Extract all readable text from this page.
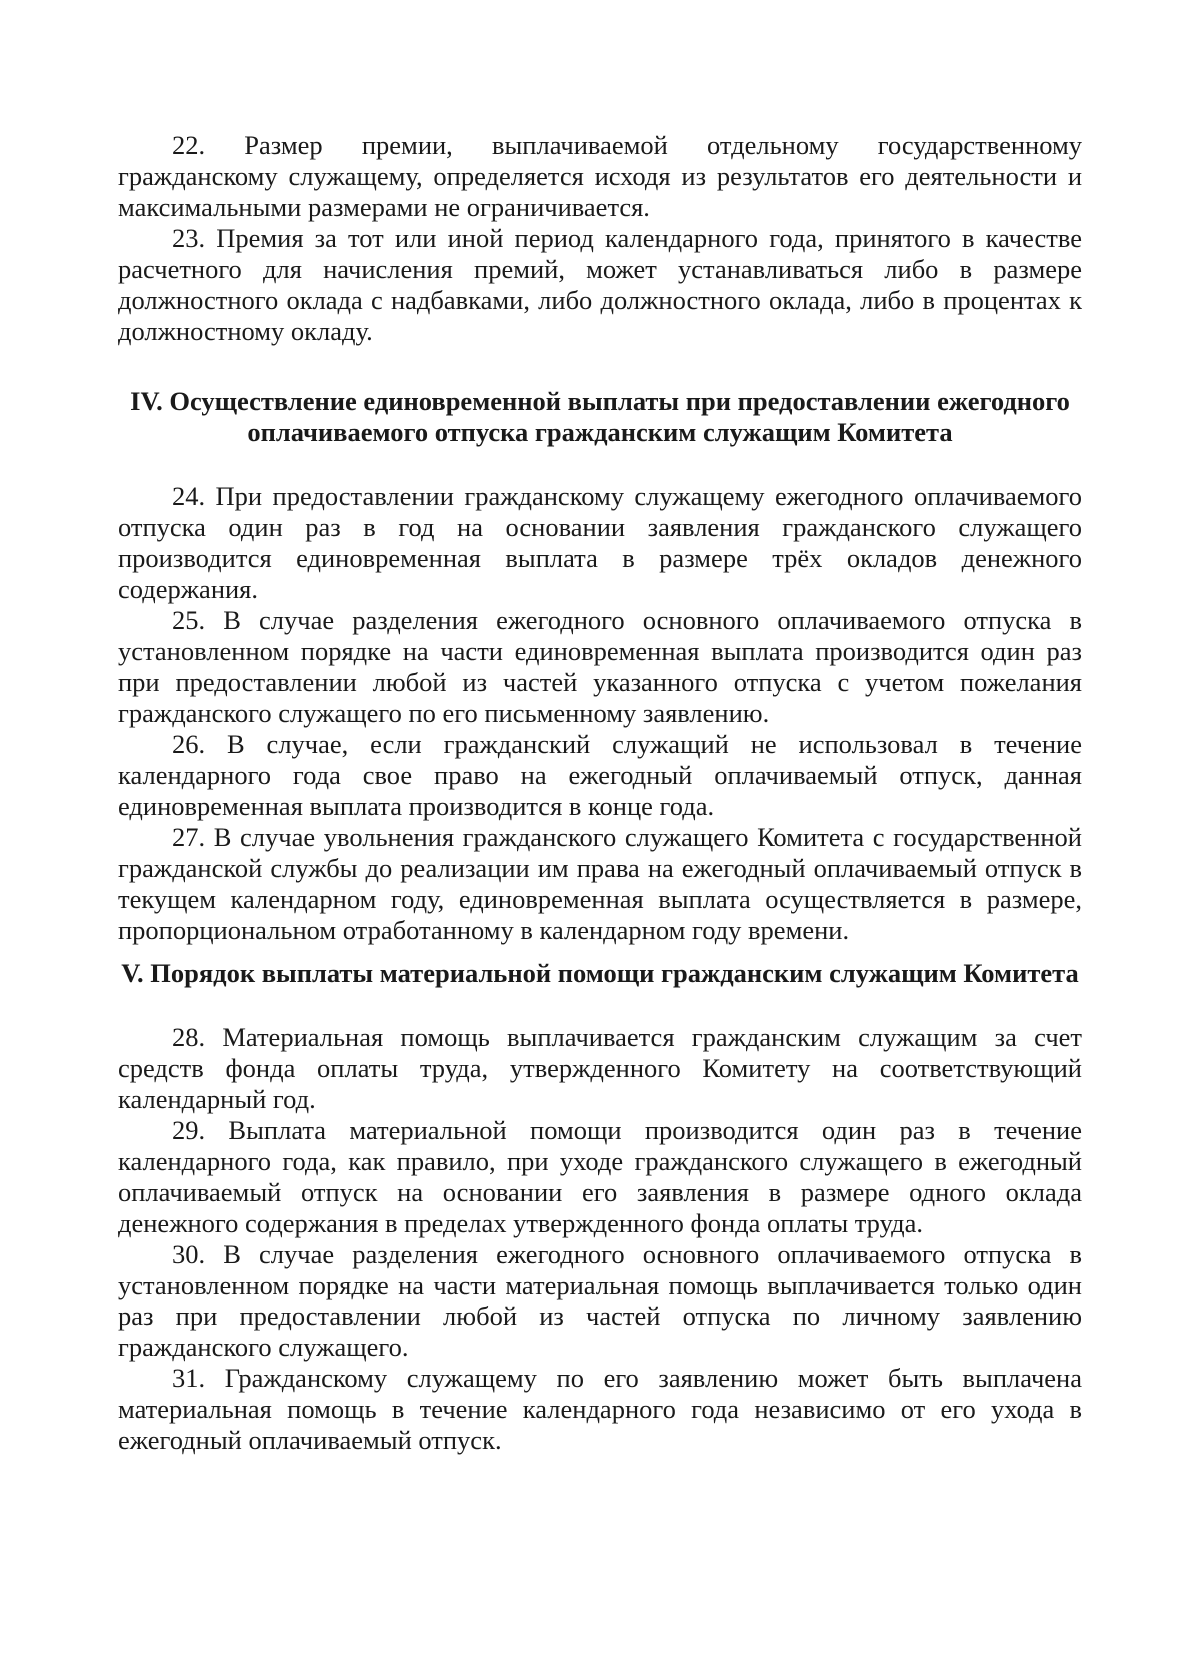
22. Размер премии, выплачиваемой отдельному государственному гражданскому служащему, определяется исходя из результатов его деятельности и максимальными размерами не ограничивается.

23. Премия за тот или иной период календарного года, принятого в качестве расчетного для начисления премий, может устанавливаться либо в размере должностного оклада с надбавками, либо должностного оклада, либо в процентах к должностному окладу.

IV. Осуществление единовременной выплаты при предоставлении ежегодного оплачиваемого отпуска гражданским служащим Комитета

24. При предоставлении гражданскому служащему ежегодного оплачиваемого отпуска один раз в год на основании заявления гражданского служащего производится единовременная выплата в размере трёх окладов денежного содержания.

25. В случае разделения ежегодного основного оплачиваемого отпуска в установленном порядке на части единовременная выплата производится один раз при предоставлении любой из частей указанного отпуска с учетом пожелания гражданского служащего по его письменному заявлению.

26. В случае, если гражданский служащий не использовал в течение календарного года свое право на ежегодный оплачиваемый отпуск, данная единовременная выплата производится в конце года.

27. В случае увольнения гражданского служащего Комитета с государственной гражданской службы до реализации им права на ежегодный оплачиваемый отпуск в текущем календарном году, единовременная выплата осуществляется в размере, пропорциональном отработанному в календарном году времени.

V. Порядок выплаты материальной помощи гражданским служащим Комитета

28. Материальная помощь выплачивается гражданским служащим за счет средств фонда оплаты труда, утвержденного Комитету на соответствующий календарный год.

29. Выплата материальной помощи производится один раз в течение календарного года, как правило, при уходе гражданского служащего в ежегодный оплачиваемый отпуск на основании его заявления в размере одного оклада денежного содержания в пределах утвержденного фонда оплаты труда.

30. В случае разделения ежегодного основного оплачиваемого отпуска в установленном порядке на части материальная помощь выплачивается только один раз при предоставлении любой из частей отпуска по личному заявлению гражданского служащего.

31. Гражданскому служащему по его заявлению может быть выплачена материальная помощь в течение календарного года независимо от его ухода в ежегодный оплачиваемый отпуск.
